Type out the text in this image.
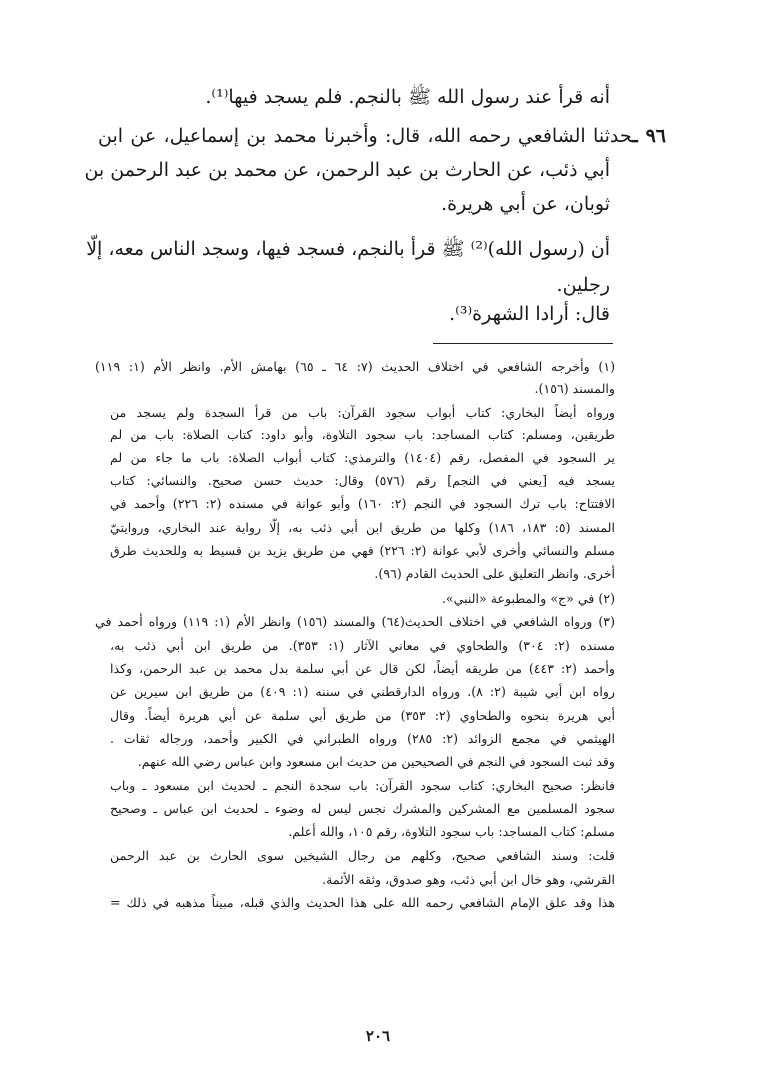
أنه قرأ عند رسول الله ﷺ بالنجم. فلم يسجد فيها⁽¹⁾.
٩٦ ـحدثنا الشافعي رحمه الله، قال: وأخبرنا محمد بن إسماعيل، عن ابن
أبي ذئب، عن الحارث بن عبد الرحمن، عن محمد بن عبد الرحمن بن
ثوبان، عن أبي هريرة.
أن (رسول الله)⁽²⁾ ﷺ قرأ بالنجم، فسجد فيها، وسجد الناس معه، إلّا
رجلين.
قال: أرادا الشهرة⁽³⁾.
(١) وأخرجه الشافعي في اختلاف الحديث (٧: ٦٤ ـ ٦٥) بهامش الأم. وانظر الأم (١: ١١٩)
والمسند (١٥٦).
ورواه أيضاً البخاري: كتاب أبواب سجود القرآن: باب من قرأ السجدة ولم يسجد من
طريقين، ومسلم: كتاب المساجد: باب سجود التلاوة، وأبو داود: كتاب الصلاة: باب من لم
ير السجود في المفصل، رقم (١٤٠٤) والترمذي: كتاب أبواب الصلاة: باب ما جاء من لم
يسجد فيه [يعني في النجم] رقم (٥٧٦) وقال: حديث حسن صحيح. والنسائي: كتاب
الافتتاح: باب ترك السجود في النجم (٢: ١٦٠) وأبو عوانة في مسنده (٢: ٢٢٦) وأحمد في
المسند (٥: ١٨٣، ١٨٦) وكلها من طريق ابن أبي ذئب به، إلّا رواية عند البخاري، وروايتيّ
مسلم والنسائي وأخرى لأبي عوانة (٢: ٢٢٦) فهي من طريق يزيد بن قسيط به وللحديث طرق
أخرى. وانظر التعليق على الحديث القادم (٩٦).
(٢) في «ج» والمطبوعة «النبي».
(٣) ورواه الشافعي في اختلاف الحديث(٦٤) والمسند (١٥٦) وانظر الأم (١: ١١٩) ورواه أحمد في
مسنده (٢: ٣٠٤) والطحاوي في معاني الآثار (١: ٣٥٣). من طريق ابن أبي ذئب به،
وأحمد (٢: ٤٤٣) من طريقه أيضاً، لكن قال عن أبي سلمة بدل محمد بن عبد الرحمن، وكذا
رواه ابن أبي شيبة (٢: ٨). ورواه الدارقطني في سننه (١: ٤٠٩) من طريق ابن سيرين عن
أبي هريرة بنحوه والطحاوي (٢: ٣٥٣) من طريق أبي سلمة عن أبي هريرة أيضاً. وقال
الهيثمي في مجمع الزوائد (٢: ٢٨٥) ورواه الطبراني في الكبير وأحمد، ورجاله ثقات .
وقد ثبت السجود في النجم في الصحيحين من حديث ابن مسعود وابن عباس رضي الله عنهم.
فانظر: صحيح البخاري: كتاب سجود القرآن: باب سجدة النجم ـ لحديث ابن مسعود ـ وباب
سجود المسلمين مع المشركين والمشرك نجس ليس له وضوء ـ لحديث ابن عباس ـ وصحيح
مسلم: كتاب المساجد: باب سجود التلاوة، رقم ١٠٥، والله أعلم.
قلت: وسند الشافعي صحيح، وكلهم من رجال الشيخين سوى الحارث بن عبد الرحمن
القرشي، وهو خال ابن أبي ذئب، وهو صدوق، وثقه الأئمة.
هذا وقد علق الإمام الشافعي رحمه الله على هذا الحديث والذي قبله، مبيناً مذهبه في ذلك =
٢٠٦
